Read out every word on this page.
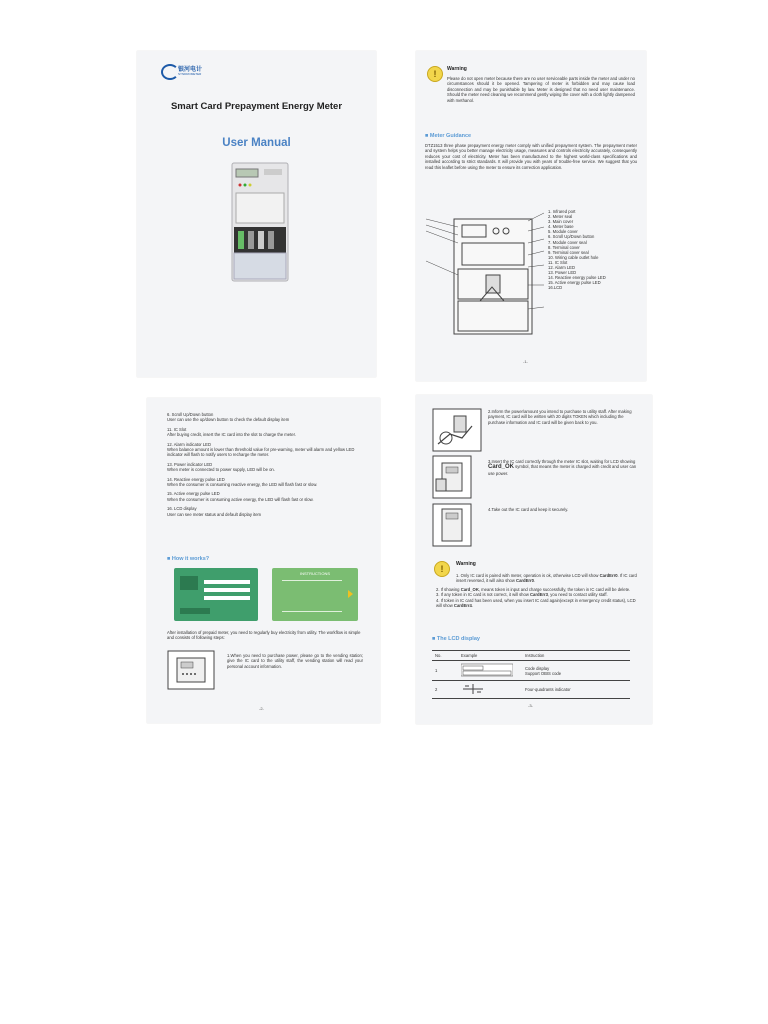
银河电计
SYNDROMETER
Smart Card Prepayment Energy Meter
User Manual
!	Warning
Please do not open meter because there are no user serviceable parts inside the meter and under no circumstances should it be opened. Tampering of meter is forbidden and may cause load disconnection and may be punishable by law. Meter is designed that no need user maintenance. Should the meter need cleaning we recommend gently wiping the cover with a cloth lightly dampened with methanol.
■ Meter Guidance
DTZ1513 three phase prepayment energy meter comply with unified prepayment system. The prepayment meter and system helps you better manage electricity usage, measures and controls electricity accurately, consequently reduces your cost of electricity. Meter has been manufactured to the highest world-class specifications and installed according to strict standards. It will provide you with years of trouble-free service. We suggest that you read this leaflet before using the meter to ensure its correction application.
1. Infrared port
2. Meter seal
3. Main cover
4. Meter base
5. Module cover
6. Scroll Up/Down button
7. Module cover seal
8. Terminal cover
9. Terminal cover seal
10. Wiring cable outlet hole
11. IC Slot
12. Alarm LED
13. Power LED
14. Reactive energy pulse LED
15. Active energy pulse LED
16.LCD
-1-
6. Scroll Up/Down button
User can use the up/down button to check the default display item
11. IC Slot
After buying credit, insert the IC card into the slot to charge the meter.
12. Alarm indicator LED
When balance amount is lower than threshold value for pre-warning, meter will alarm and yellow LED indicator will flash to notify users to recharge the meter.
13. Power indicator LED
When meter is connected to power supply, LED will be on.
14. Reactive energy pulse LED
When the consumer is consuming reactive energy, the LED will flash fast or slow.
15. Active energy pulse LED
When the consumer is consuming active energy, the LED will flash fast or slow.
16. LCD display
User can see meter status and default display item
■ How it works?
INSTRUCTIONS
After installation of prepaid meter, you need to regularly buy electricity from utility. The workflow is simple and consists of following steps:
1.When you need to purchase power, please go to the vending station; give the IC card to the utility staff, the vending station will read your personal account information.
-2-
2.Inform the power/amount you intend to purchase to utility staff. After making payment, IC card will be written with 20 digits TOKEN which including the purchase information and IC card will be given back to you.
3.Insert the IC card correctly through the meter IC slot, waiting for LCD showing Card_OK symbol, that means the meter is charged with credit and user can use power.
4.Take out the IC card and keep it securely.
!	Warning
1. Only IC card is paired with meter, operation is ok, otherwise LCD will show CardErr0. If IC card insert reversed, it will also show CardErr0.
2. If showing Card_OK, means token is input and charge successfully, the token in IC card will be delete.
3. If any token in IC card is not correct, it will show CardErr3, you need to contact utility staff.
4. If token in IC card has been used, when you insert IC card again(except in emergency credit status), LCD will show CardErr4.
■ The LCD display
No.	Example	Instruction
1		Code display
Support OBIS code
2		Four-quadrants indicator
-3-
